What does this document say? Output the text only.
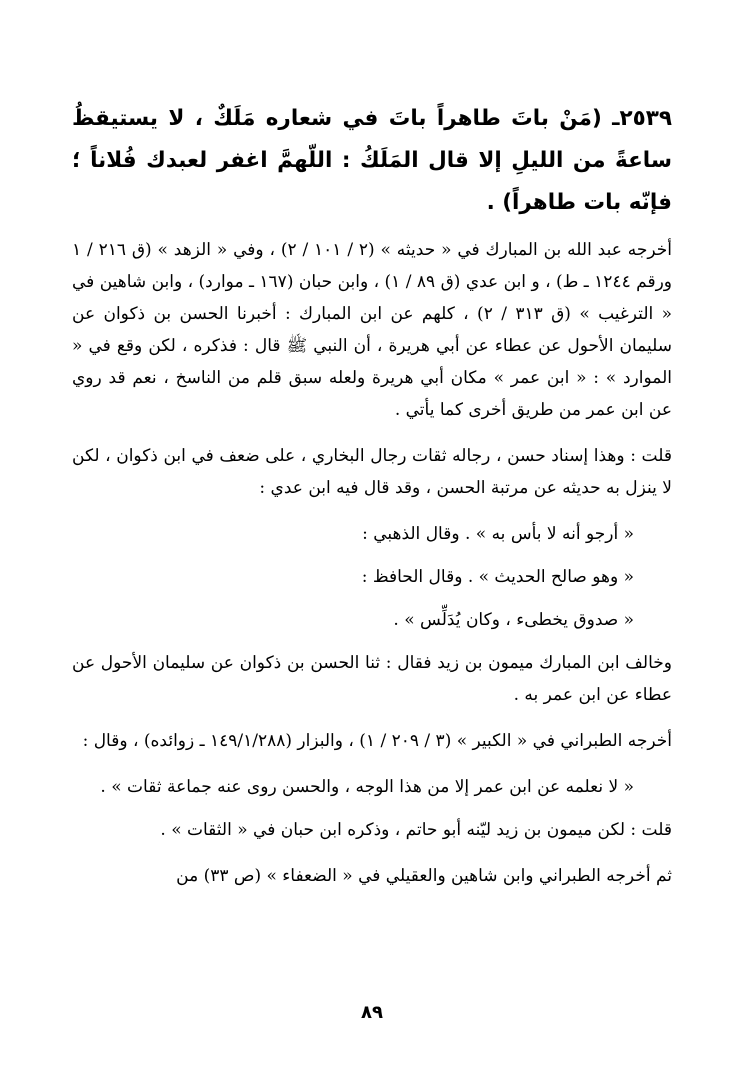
٢٥٣٩ـ (مَنْ باتَ طاهراً باتَ في شعاره مَلَكٌ ، لا يستيقظُ ساعةً من الليلِ إلا قال المَلَكُ : اللّهمَّ اغفر لعبدك فُلاناً ؛ فإنّه بات طاهراً) .

أخرجه عبد الله بن المبارك في « حديثه » (٢ / ١٠١ / ٢) ، وفي « الزهد » (ق ٢١٦ / ١ ورقم ١٢٤٤ ـ ط) ، و ابن عدي (ق ٨٩ / ١) ، وابن حبان (١٦٧ ـ موارد) ، وابن شاهين في « الترغيب » (ق ٣١٣ / ٢) ، كلهم عن ابن المبارك : أخبرنا الحسن بن ذكوان عن سليمان الأحول عن عطاء عن أبي هريرة ، أن النبي ﷺ قال : فذكره ، لكن وقع في « الموارد » : « ابن عمر » مكان أبي هريرة ولعله سبق قلم من الناسخ ، نعم قد روي عن ابن عمر من طريق أخرى كما يأتي .

قلت : وهذا إسناد حسن ، رجاله ثقات رجال البخاري ، على ضعف في ابن ذكوان ، لكن لا ينزل به حديثه عن مرتبة الحسن ، وقد قال فيه ابن عدي :

« أرجو أنه لا بأس به » . وقال الذهبي :

« وهو صالح الحديث » . وقال الحافظ :

« صدوق يخطىء ، وكان يُدَلِّس » .

وخالف ابن المبارك ميمون بن زيد فقال : ثنا الحسن بن ذكوان عن سليمان الأحول عن عطاء عن ابن عمر به .

أخرجه الطبراني في « الكبير » (٣ / ٢٠٩ / ١) ، والبزار (١٤٩/١/٢٨٨ ـ زوائده) ، وقال :

« لا نعلمه عن ابن عمر إلا من هذا الوجه ، والحسن روى عنه جماعة ثقات » .

قلت : لكن ميمون بن زيد ليّنه أبو حاتم ، وذكره ابن حبان في « الثقات » .

ثم أخرجه الطبراني وابن شاهين والعقيلي في « الضعفاء » (ص ٣٣) من

٨٩
